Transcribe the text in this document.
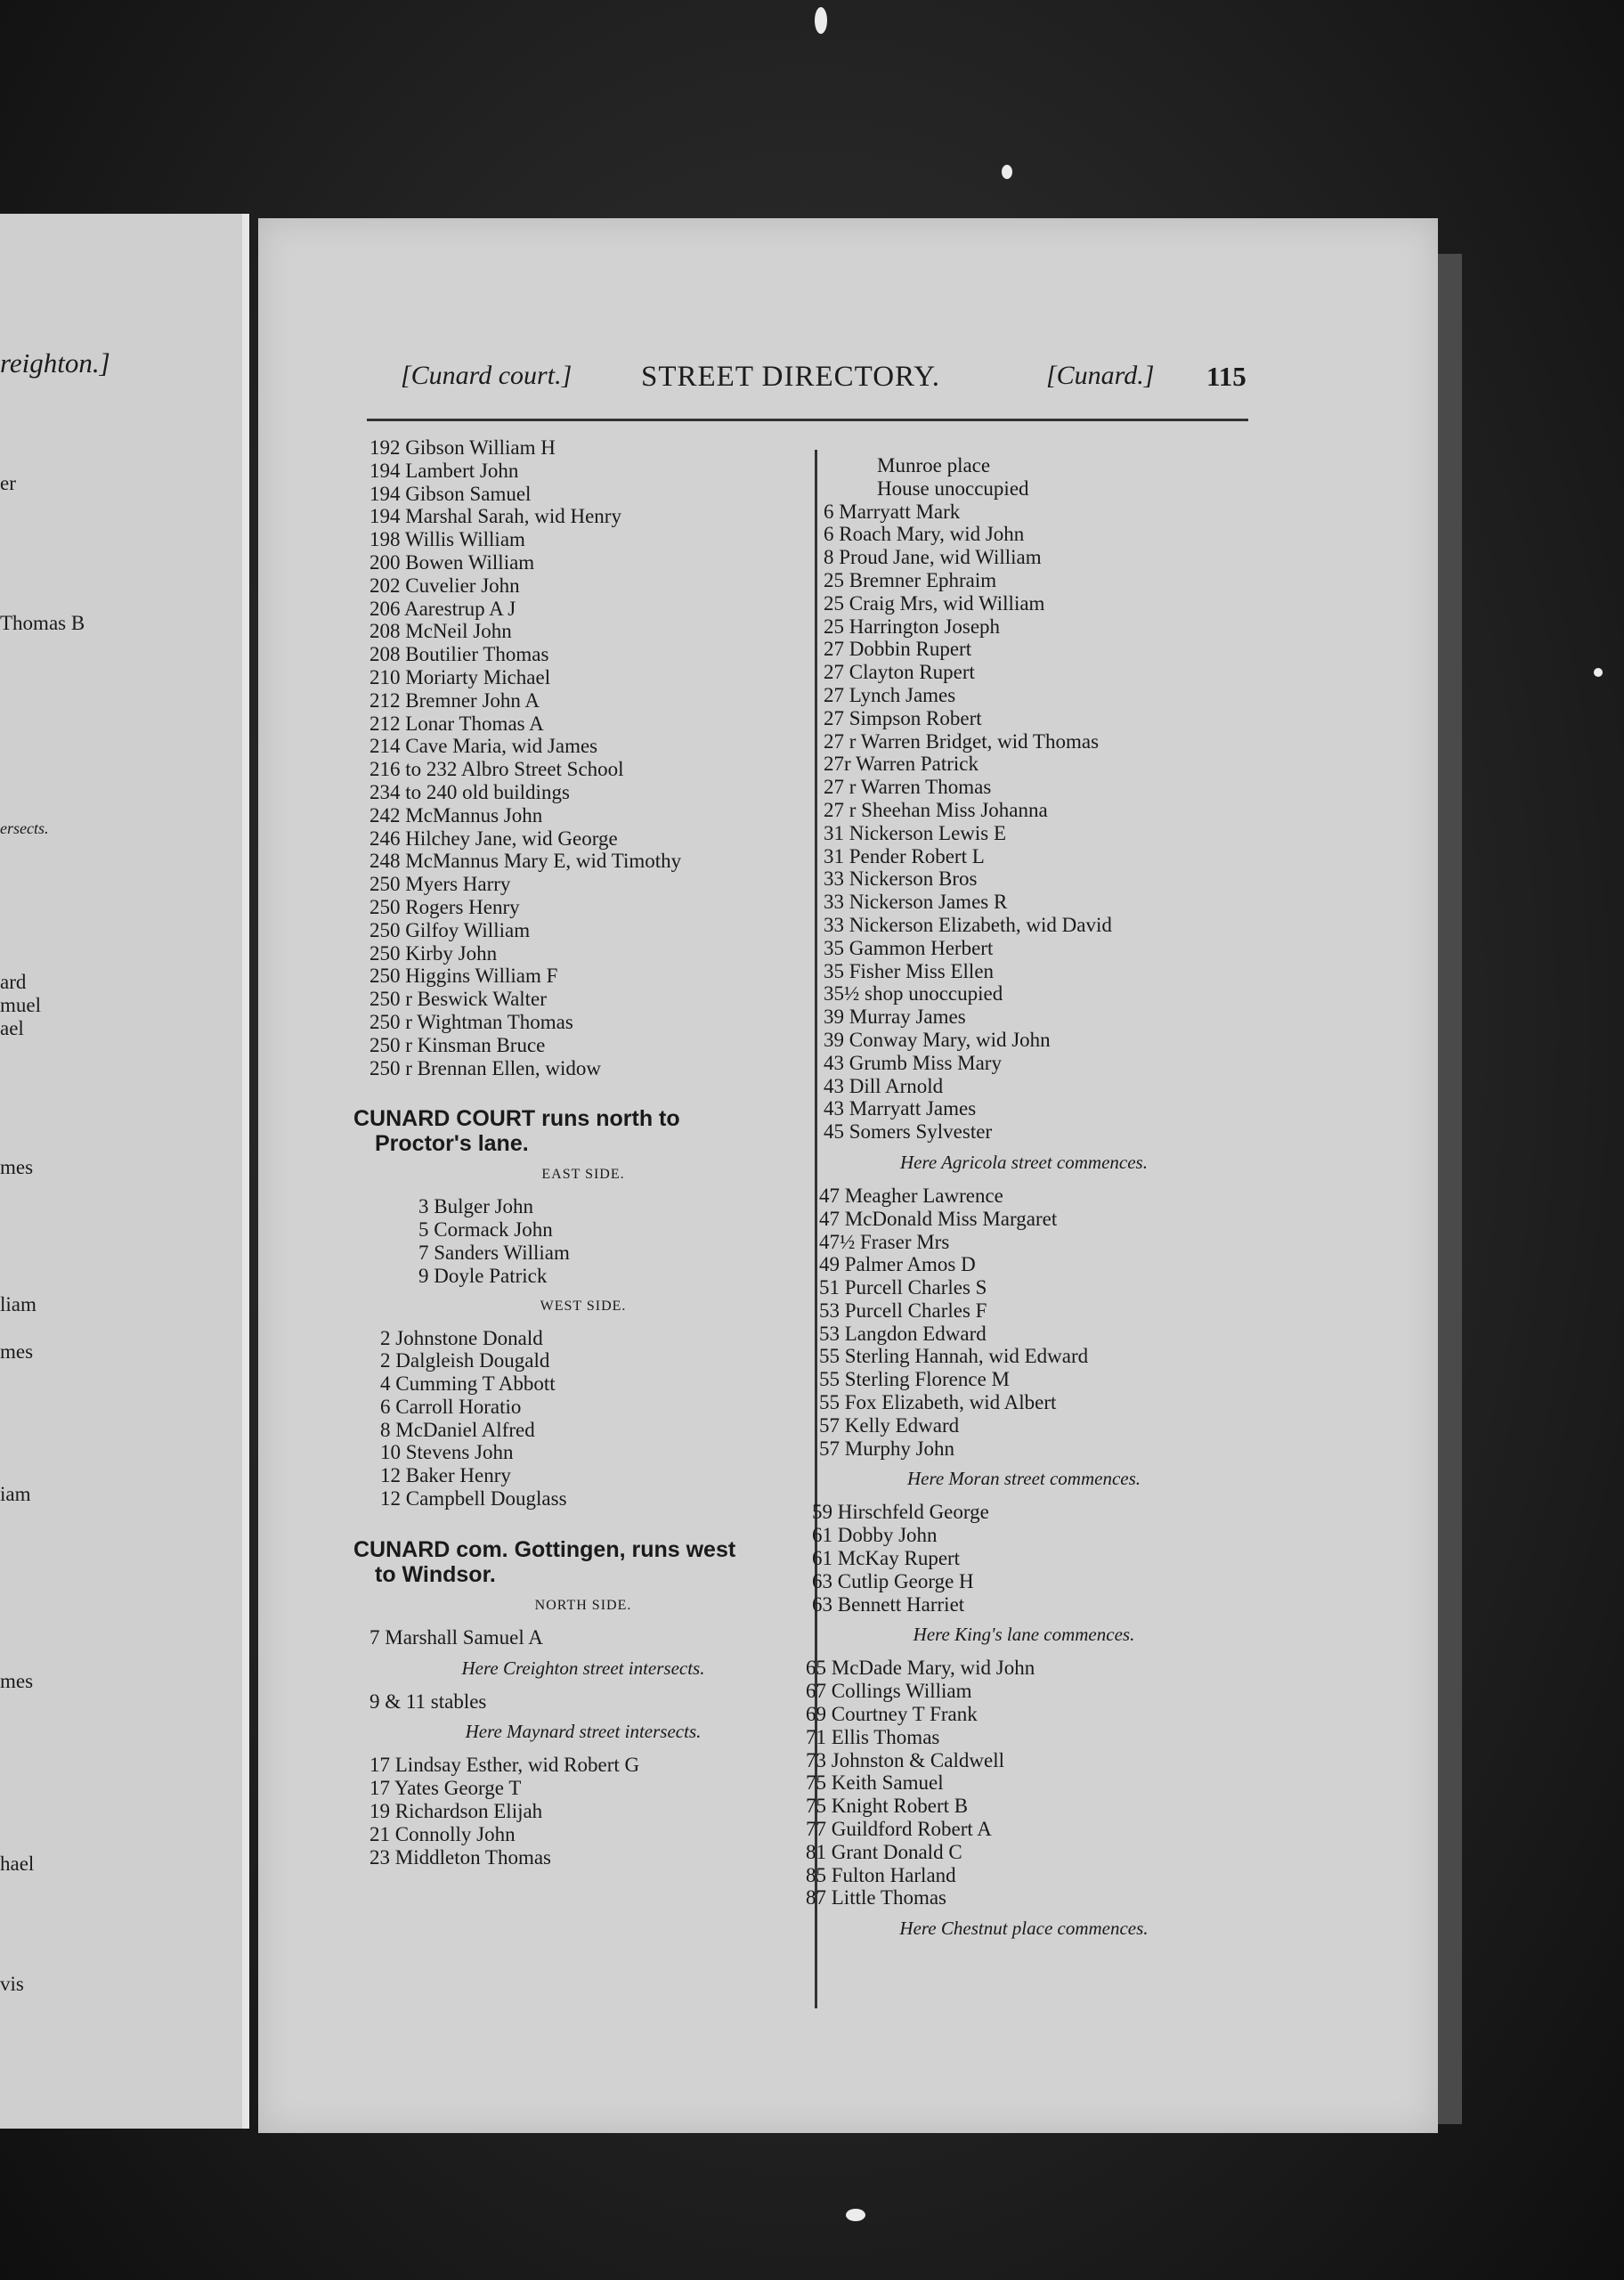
reighton.]
er
Thomas B
ersects.
ard
muel
ael
mes
liam
mes
iam
mes
hael
vis
[Cunard court.] STREET DIRECTORY.	[Cunard.] 115
192 Gibson William H
194 Lambert John
194 Gibson Samuel
194 Marshal Sarah, wid Henry
198 Willis William
200 Bowen William
202 Cuvelier John
206 Aarestrup A J
208 McNeil John
208 Boutilier Thomas
210 Moriarty Michael
212 Bremner John A
212 Lonar Thomas A
214 Cave Maria, wid James
216 to 232 Albro Street School
234 to 240 old buildings
242 McMannus John
246 Hilchey Jane, wid George
248 McMannus Mary E, wid Timothy
250 Myers Harry
250 Rogers Henry
250 Gilfoy William
250 Kirby John
250 Higgins William F
250 r Beswick Walter
250 r Wightman Thomas
250 r Kinsman Bruce
250 r Brennan Ellen, widow
CUNARD COURT runs north to
Proctor's lane.
EAST SIDE.
3 Bulger John
5 Cormack John
7 Sanders William
9 Doyle Patrick
WEST SIDE.
2 Johnstone Donald
2 Dalgleish Dougald
4 Cumming T Abbott
6 Carroll Horatio
8 McDaniel Alfred
10 Stevens John
12 Baker Henry
12 Campbell Douglass
CUNARD com. Gottingen, runs west
to Windsor.
NORTH SIDE.
7 Marshall Samuel A
Here Creighton street intersects.
9 & 11 stables
Here Maynard street intersects.
17 Lindsay Esther, wid Robert G
17 Yates George T
19 Richardson Elijah
21 Connolly John
23 Middleton Thomas
Munroe place
House unoccupied
6 Marryatt Mark
6 Roach Mary, wid John
8 Proud Jane, wid William
25 Bremner Ephraim
25 Craig Mrs, wid William
25 Harrington Joseph
27 Dobbin Rupert
27 Clayton Rupert
27 Lynch James
27 Simpson Robert
27 r Warren Bridget, wid Thomas
27r Warren Patrick
27 r Warren Thomas
27 r Sheehan Miss Johanna
31 Nickerson Lewis E
31 Pender Robert L
33 Nickerson Bros
33 Nickerson James R
33 Nickerson Elizabeth, wid David
35 Gammon Herbert
35 Fisher Miss Ellen
35½ shop unoccupied
39 Murray James
39 Conway Mary, wid John
43 Grumb Miss Mary
43 Dill Arnold
43 Marryatt James
45 Somers Sylvester
Here Agricola street commences.
47 Meagher Lawrence
47 McDonald Miss Margaret
47½ Fraser Mrs
49 Palmer Amos D
51 Purcell Charles S
53 Purcell Charles F
53 Langdon Edward
55 Sterling Hannah, wid Edward
55 Sterling Florence M
55 Fox Elizabeth, wid Albert
57 Kelly Edward
57 Murphy John
Here Moran street commences.
59 Hirschfeld George
61 Dobby John
61 McKay Rupert
63 Cutlip George H
63 Bennett Harriet
Here King's lane commences.
65 McDade Mary, wid John
67 Collings William
69 Courtney T Frank
71 Ellis Thomas
73 Johnston & Caldwell
75 Keith Samuel
75 Knight Robert B
77 Guildford Robert A
81 Grant Donald C
85 Fulton Harland
87 Little Thomas
Here Chestnut place commences.
